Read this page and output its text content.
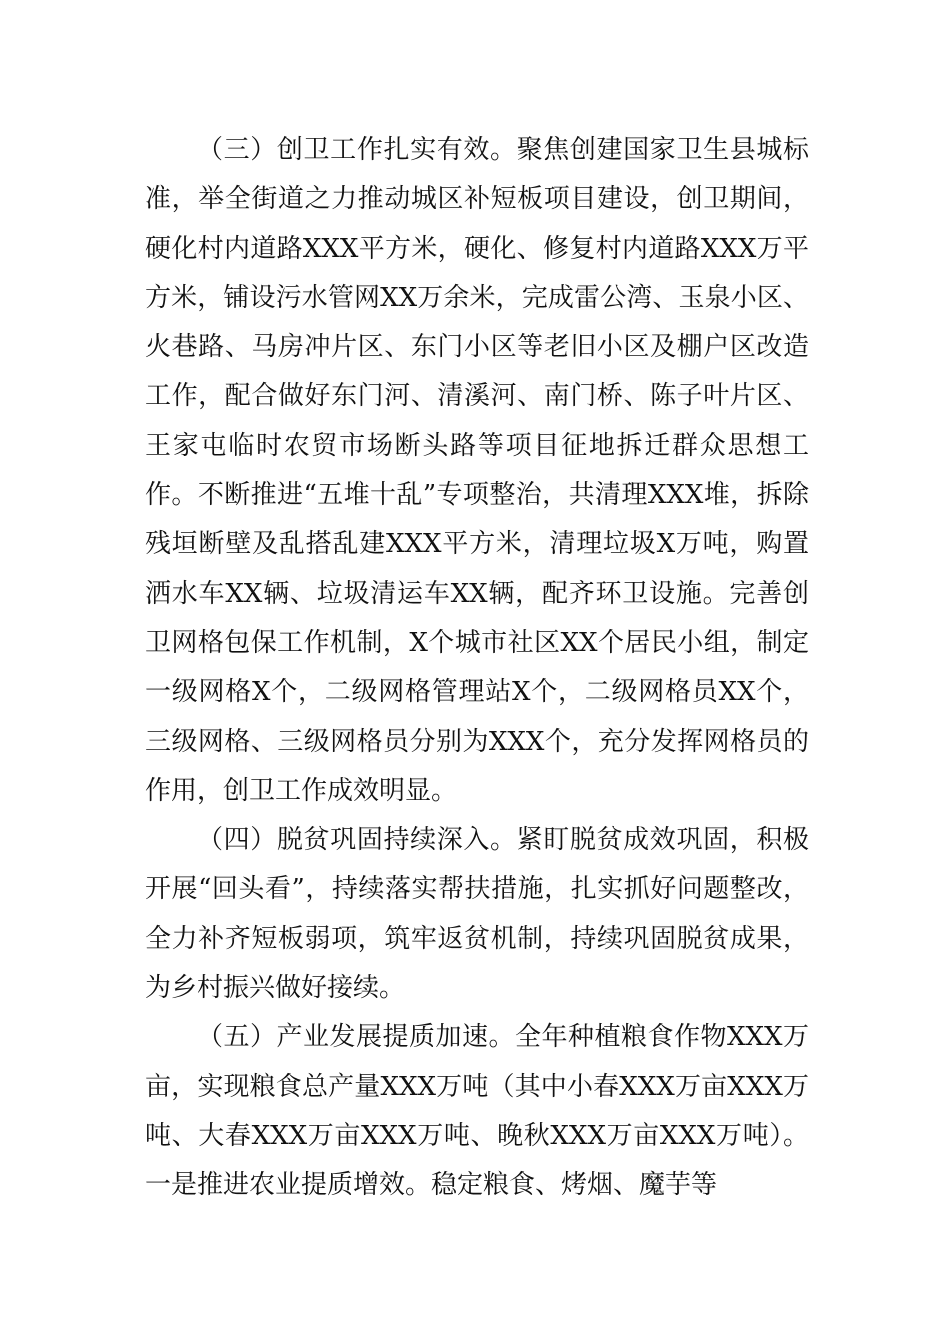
（三）创卫工作扎实有效。聚焦创建国家卫生县城标准，举全街道之力推动城区补短板项目建设，创卫期间，硬化村内道路XXX平方米，硬化、修复村内道路XXX万平方米，铺设污水管网XX万余米，完成雷公湾、玉泉小区、火巷路、马房冲片区、东门小区等老旧小区及棚户区改造工作，配合做好东门河、清溪河、南门桥、陈子叶片区、王家屯临时农贸市场断头路等项目征地拆迁群众思想工作。不断推进“五堆十乱”专项整治，共清理XXX堆，拆除残垣断壁及乱搭乱建XXX平方米，清理垃圾X万吨，购置洒水车XX辆、垃圾清运车XX辆，配齐环卫设施。完善创卫网格包保工作机制，X个城市社区XX个居民小组，制定一级网格X个，二级网格管理站X个，二级网格员XX个，三级网格、三级网格员分别为XXX个，充分发挥网格员的作用，创卫工作成效明显。

（四）脱贫巩固持续深入。紧盯脱贫成效巩固，积极开展“回头看”，持续落实帮扶措施，扎实抓好问题整改，全力补齐短板弱项，筑牢返贫机制，持续巩固脱贫成果，为乡村振兴做好接续。

（五）产业发展提质加速。全年种植粮食作物XXX万亩，实现粮食总产量XXX万吨（其中小春XXX万亩XXX万吨、大春XXX万亩XXX万吨、晚秋XXX万亩XXX万吨）。一是推进农业提质增效。稳定粮食、烤烟、魔芋等
